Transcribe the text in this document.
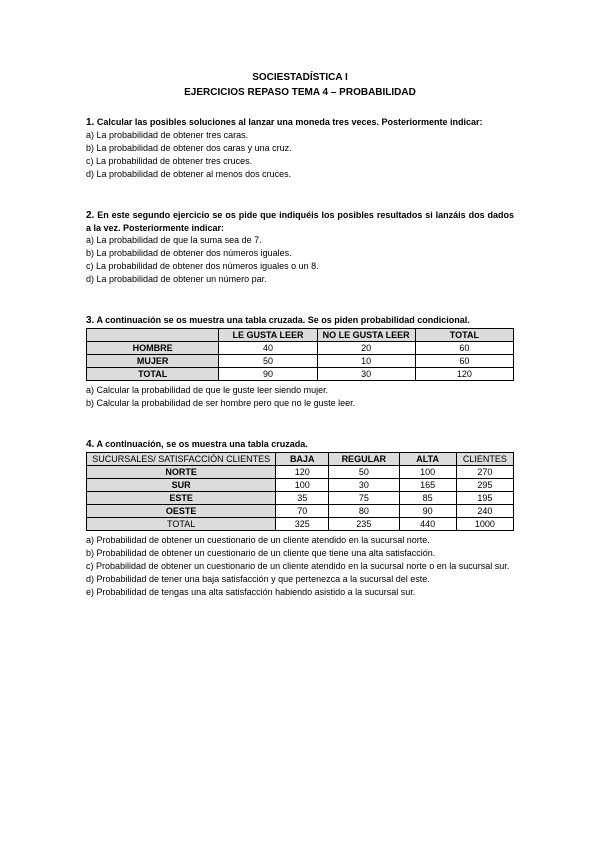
SOCIESTADÍSTICA I
EJERCICIOS REPASO TEMA 4 – PROBABILIDAD
1. Calcular las posibles soluciones al lanzar una moneda tres veces. Posteriormente indicar:

a) La probabilidad de obtener tres caras.

b) La probabilidad de obtener dos caras y una cruz.

c) La probabilidad de obtener tres cruces.

d) La probabilidad de obtener al menos dos cruces.

2. En este segundo ejercicio se os pide que indiquéis los posibles resultados si lanzáis dos dados a la vez. Posteriormente indicar:

a) La probabilidad de que la suma sea de 7.

b) La probabilidad de obtener dos números iguales.

c) La probabilidad de obtener dos números iguales o un 8.

d) La probabilidad de obtener un número par.

3. A continuación se os muestra una tabla cruzada. Se os piden probabilidad condicional.
	LE GUSTA LEER	NO LE GUSTA LEER	TOTAL
HOMBRE	40	20	60
MUJER	50	10	60
TOTAL	90	30	120

a) Calcular la probabilidad de que le guste leer siendo mujer.

b) Calcular la probabilidad de ser hombre pero que no le guste leer.

4. A continuación, se os muestra una tabla cruzada.
SUCURSALES/ SATISFACCIÓN CLIENTES	BAJA	REGULAR	ALTA	CLIENTES
NORTE	120	50	100	270
SUR	100	30	165	295
ESTE	35	75	85	195
OESTE	70	80	90	240
TOTAL	325	235	440	1000

a) Probabilidad de obtener un cuestionario de un cliente atendido en la sucursal norte.

b) Probabilidad de obtener un cuestionario de un cliente que tiene una alta satisfacción.

c) Probabilidad de obtener un cuestionario de un cliente atendido en la sucursal norte o en la sucursal sur.

d) Probabilidad de tener una baja satisfacción y que pertenezca a la sucursal del este.

e) Probabilidad de tengas una alta satisfacción habiendo asistido a la sucursal sur.
